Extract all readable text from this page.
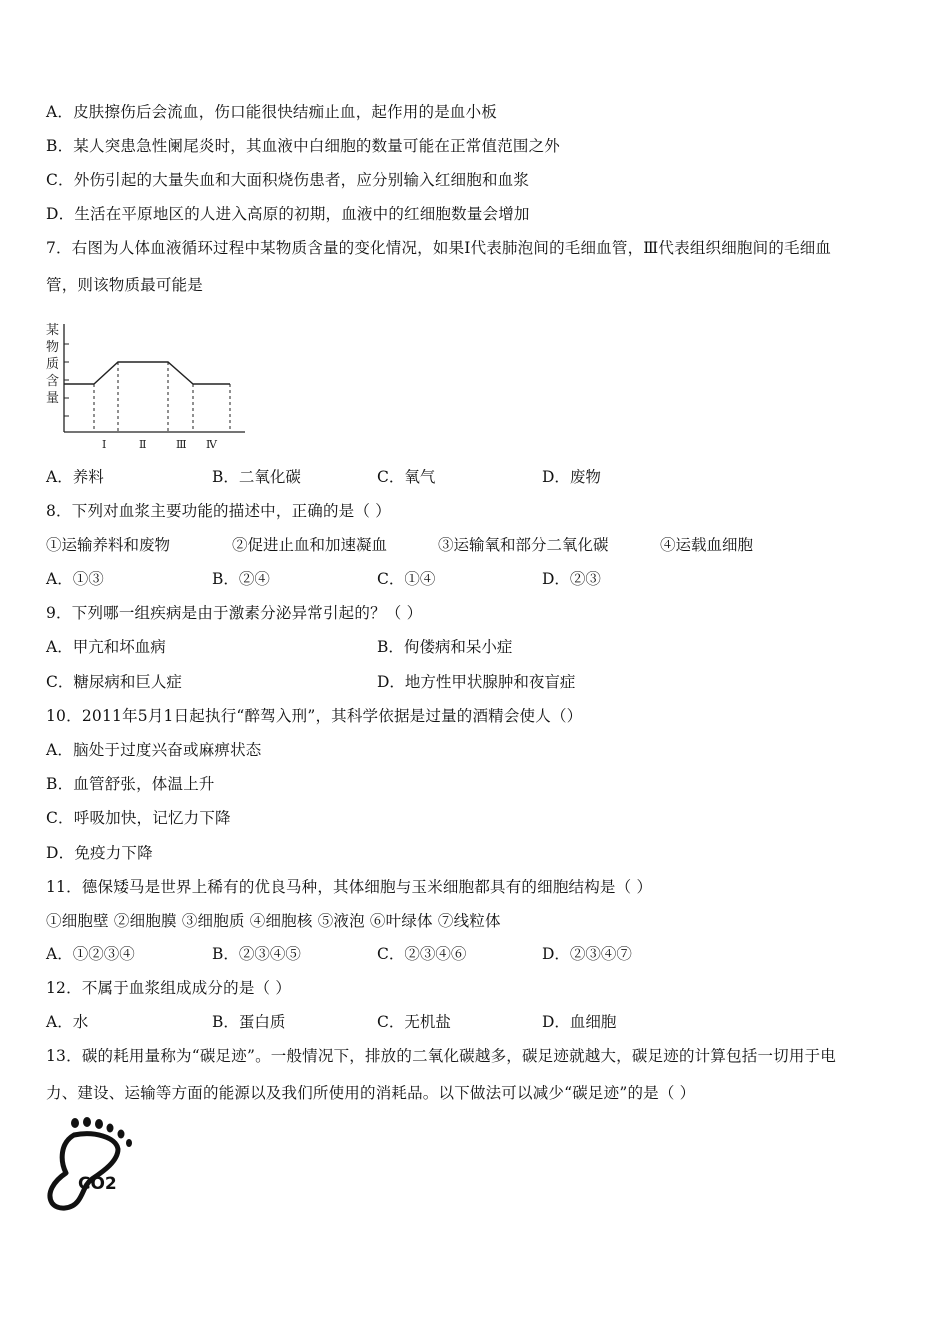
A．皮肤擦伤后会流血，伤口能很快结痂止血，起作用的是血小板
B．某人突患急性阑尾炎时，其血液中白细胞的数量可能在正常值范围之外
C．外伤引起的大量失血和大面积烧伤患者，应分别输入红细胞和血浆
D．生活在平原地区的人进入高原的初期，血液中的红细胞数量会增加
7．右图为人体血液循环过程中某物质含量的变化情况，如果Ⅰ代表肺泡间的毛细血管，Ⅲ代表组织细胞间的毛细血
管，则该物质最可能是
某
物
质
含
量
Ⅰ	Ⅱ	Ⅲ Ⅳ
A．养料	B．二氧化碳	C．氧气	D．废物
8．下列对血浆主要功能的描述中，正确的是（ ）
①运输养料和废物	②促进止血和加速凝血	③运输氧和部分二氧化碳	④运载血细胞
A．①③	B．②④	C．①④	D．②③
9．下列哪一组疾病是由于激素分泌异常引起的？（ ）
A．甲亢和坏血病	B．佝偻病和呆小症
C．糖尿病和巨人症	D．地方性甲状腺肿和夜盲症
10．2011年5月1日起执行“醉驾入刑”，其科学依据是过量的酒精会使人（）
A．脑处于过度兴奋或麻痹状态
B．血管舒张，体温上升
C．呼吸加快，记忆力下降
D．免疫力下降
11．德保矮马是世界上稀有的优良马种，其体细胞与玉米细胞都具有的细胞结构是（ ）
①细胞壁 ②细胞膜 ③细胞质 ④细胞核 ⑤液泡 ⑥叶绿体 ⑦线粒体
A．①②③④	B．②③④⑤	C．②③④⑥	D．②③④⑦
12．不属于血浆组成成分的是（ ）
A．水	B．蛋白质	C．无机盐	D．血细胞
13．碳的耗用量称为“碳足迹”。一般情况下，排放的二氧化碳越多，碳足迹就越大，碳足迹的计算包括一切用于电
力、建设、运输等方面的能源以及我们所使用的消耗品。以下做法可以减少“碳足迹”的是（ ）
CO2
